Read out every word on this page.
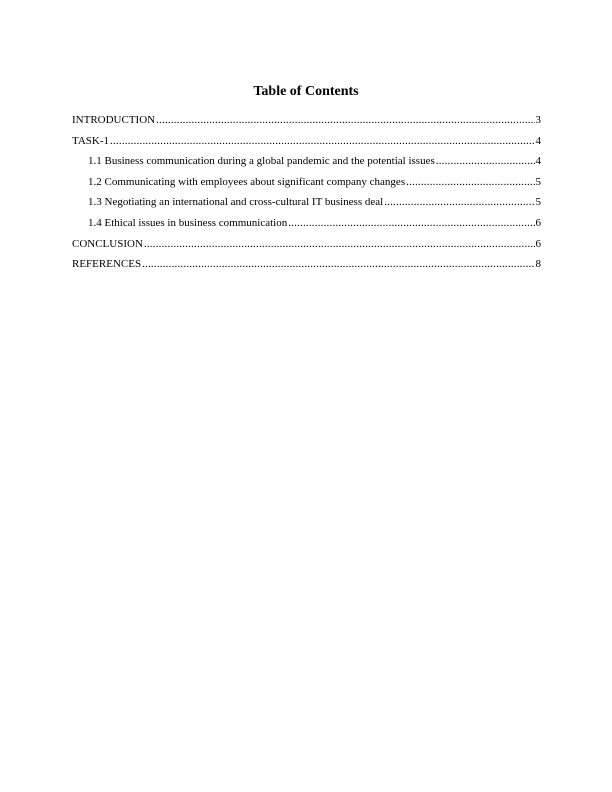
Table of Contents
INTRODUCTION .....	3
TASK-1 .....	4
1.1 Business communication during a global pandemic and the potential issues .....	4
1.2 Communicating with employees about significant company changes .....	5
1.3 Negotiating an international and cross-cultural IT business deal .....	5
1.4 Ethical issues in business communication .....	6
CONCLUSION .....	6
REFERENCES .....	8
